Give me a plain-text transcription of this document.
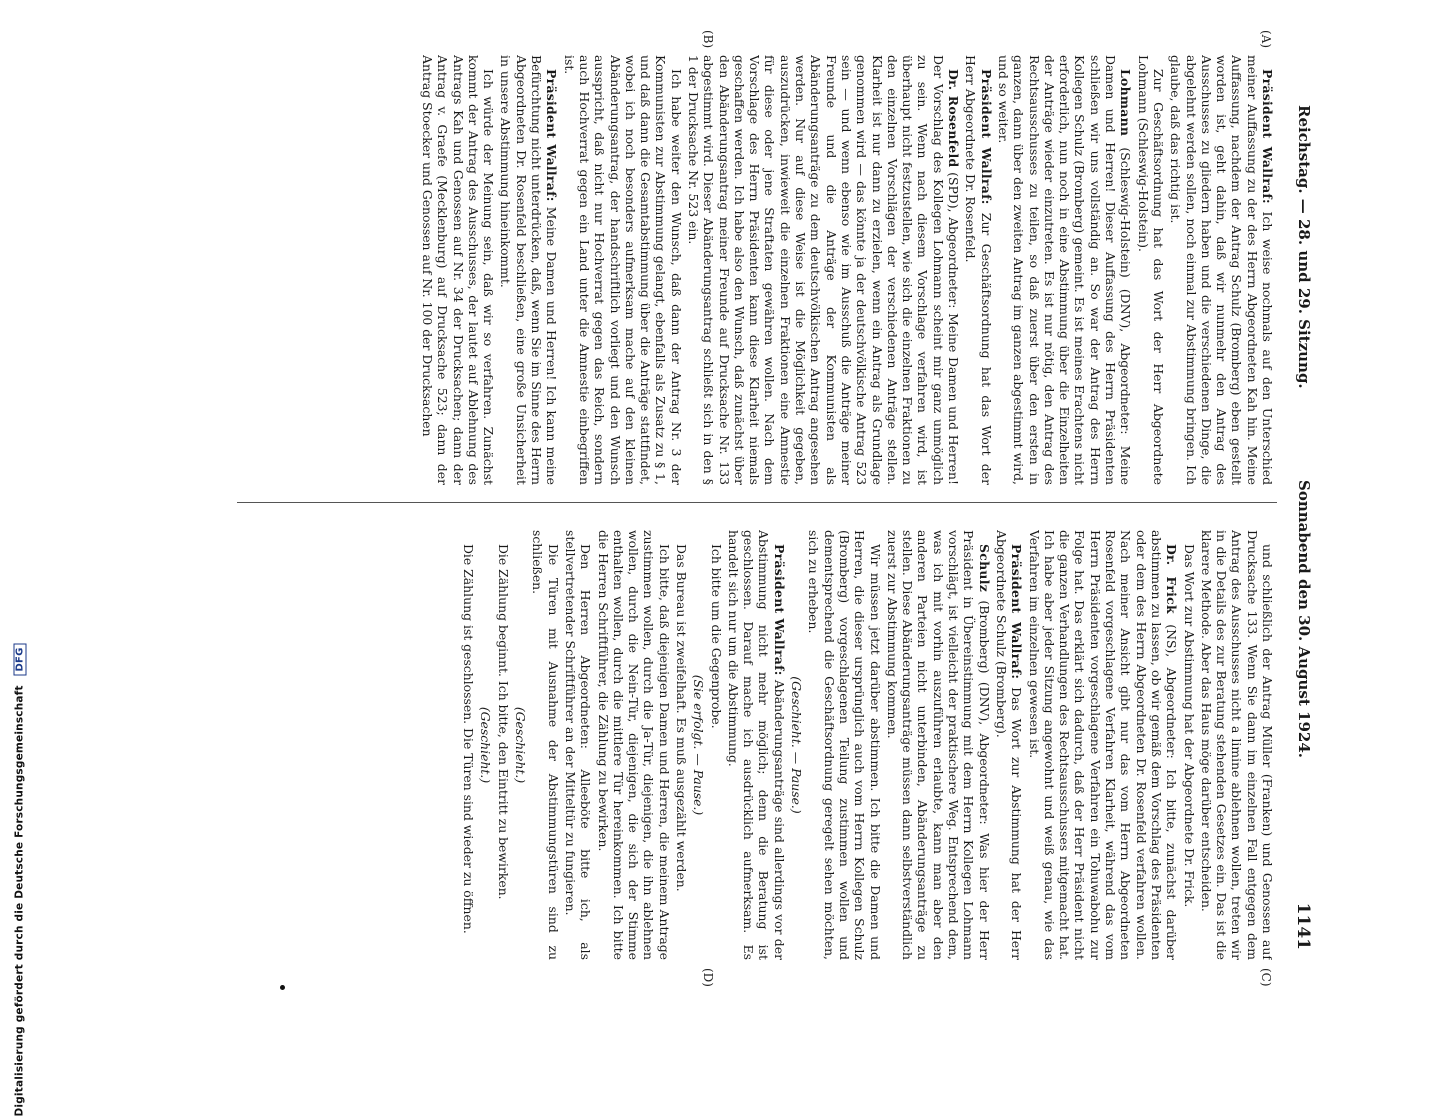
Digitalisierung gefördert durch die Deutsche Forschungsgemeinschaft DFG
Reichstag. — 28. und 29. Sitzung.
Sonnabend den 30. August 1924.
1141
(A)
(B)
(C)
(D)

Präsident Wallraf: Ich weise nochmals auf den Unterschied meiner Auffassung zu der des Herrn Abgeordneten Kah hin. Meine Auffassung, nachdem der Antrag Schulz (Bromberg) eben gestellt worden ist, geht dahin, daß wir nunmehr den Antrag des Ausschusses zu gliedern haben und die verschiedenen Dinge, die abgelehnt werden sollen, noch einmal zur Abstimmung bringen. Ich glaube, daß das richtig ist.

Zur Geschäftsordnung hat das Wort der Herr Abgeordnete Lohmann (Schleswig-Holstein).

Lohmann (Schleswig-Holstein) (DNV), Abgeordneter: Meine Damen und Herren! Dieser Auffassung des Herrn Präsidenten schließen wir uns vollständig an. So war der Antrag des Herrn Kollegen Schulz (Bromberg) gemeint. Es ist meines Erachtens nicht erforderlich, nun noch in eine Abstimmung über die Einzelheiten der Anträge wieder einzutreten. Es ist nur nötig, den Antrag des Rechtsausschusses zu teilen, so daß zuerst über den ersten in ganzen, dann über den zweiten Antrag im ganzen abgestimmt wird, und so weiter.

Präsident Wallraf: Zur Geschäftsordnung hat das Wort der Herr Abgeordnete Dr. Rosenfeld.

Dr. Rosenfeld (SPD), Abgeordneter: Meine Damen und Herren! Der Vorschlag des Kollegen Lohmann scheint mir ganz unmöglich zu sein. Wenn nach diesem Vorschlage verfahren wird, ist überhaupt nicht festzustellen, wie sich die einzelnen Fraktionen zu den einzelnen Vorschlägen der verschiedenen Anträge stellen. Klarheit ist nur dann zu erzielen, wenn ein Antrag als Grundlage genommen wird — das könnte ja der deutschvölkische Antrag 523 sein — und wenn ebenso wie im Ausschuß die Anträge meiner Freunde und die Anträge der Kommunisten als Abänderungsanträge zu dem deutschvölkischen Antrag angesehen werden. Nur auf diese Weise ist die Möglichkeit gegeben, auszudrücken, inwieweit die einzelnen Fraktionen eine Amnestie für diese oder jene Straftaten gewähren wollen. Nach dem Vorschlage des Herrn Präsidenten kann diese Klarheit niemals geschaffen werden. Ich habe also den Wunsch, daß zunächst über den Abänderungsantrag meiner Freunde auf Drucksache Nr. 133 abgestimmt wird. Dieser Abänderungsantrag schließt sich in den § 1 der Drucksache Nr. 523 ein.

Ich habe weiter den Wunsch, daß dann der Antrag Nr. 3 der Kommunisten zur Abstimmung gelangt, ebenfalls als Zusatz zu § 1, und daß dann die Gesamtabstimmung über die Anträge stattfindet, wobei ich noch besonders aufmerksam mache auf den kleinen Abänderungsantrag, der handschriftlich vorliegt und den Wunsch ausspricht, daß nicht nur Hochverrat gegen das Reich, sondern auch Hochverrat gegen ein Land unter die Amnestie einbegriffen ist.

Präsident Wallraf: Meine Damen und Herren! Ich kann meine Befürchtung nicht unterdrücken, daß, wenn Sie im Sinne des Herrn Abgeordneten Dr. Rosenfeld beschließen, eine große Unsicherheit in unsere Abstimmung hineinkommt.

Ich würde der Meinung sein, daß wir so verfahren. Zunächst kommt der Antrag des Ausschusses, der lautet auf Ablehnung des Antrags Kah und Genossen auf Nr. 34 der Drucksachen; dann der Antrag v. Graefe (Mecklenburg) auf Drucksache 523; dann der Antrag Stoecker und Genossen auf Nr. 100 der Drucksachen

und schließlich der Antrag Müller (Franken) und Genossen auf Drucksache 133. Wenn Sie dann im einzelnen Fall entgegen dem Antrag des Ausschusses nicht a limine ablehnen wollen, treten wir in die Details des zur Beratung stehenden Gesetzes ein. Das ist die klarere Methode. Aber das Haus möge darüber entscheiden.

Das Wort zur Abstimmung hat der Abgeordnete Dr. Frick.

Dr. Frick (NS), Abgeordneter: Ich bitte, zunächst darüber abstimmen zu lassen, ob wir gemäß dem Vorschlag des Präsidenten oder dem des Herrn Abgeordneten Dr. Rosenfeld verfahren wollen. Nach meiner Ansicht gibt nur das vom Herrn Abgeordneten Rosenfeld vorgeschlagene Verfahren Klarheit, während das vom Herrn Präsidenten vorgeschlagene Verfahren ein Tohuwabohu zur Folge hat. Das erklärt sich dadurch, daß der Herr Präsident nicht die ganzen Verhandlungen des Rechtsausschusses mitgemacht hat. Ich habe aber jeder Sitzung angewohnt und weiß genau, wie das Verfahren im einzelnen gewesen ist.

Präsident Wallraf: Das Wort zur Abstimmung hat der Herr Abgeordnete Schulz (Bromberg).

Schulz (Bromberg) (DNV), Abgeordneter: Was hier der Herr Präsident in Übereinstimmung mit dem Herrn Kollegen Lohmann vorschlägt, ist vielleicht der praktischere Weg. Entsprechend dem, was ich mit vorhin auszuführen erlaubte, kann man aber den anderen Parteien nicht unterbinden, Abänderungsanträge zu stellen. Diese Abänderungsanträge müssen dann selbstverständlich zuerst zur Abstimmung kommen.

Wir müssen jetzt darüber abstimmen. Ich bitte die Damen und Herren, die dieser ursprünglich auch vom Herrn Kollegen Schulz (Bromberg) vorgeschlagenen Teilung zustimmen wollen und dementsprechend die Geschäftsordnung geregelt sehen möchten, sich zu erheben.

(Geschieht. — Pause.)

Präsident Wallraf: Abänderungsanträge sind allerdings vor der Abstimmung nicht mehr möglich; denn die Beratung ist geschlossen. Darauf mache ich ausdrücklich aufmerksam. Es handelt sich nur um die Abstimmung.

Ich bitte um die Gegenprobe.

(Sie erfolgt. — Pause.)

Das Bureau ist zweifelhaft. Es muß ausgezählt werden.

Ich bitte, daß diejenigen Damen und Herren, die meinem Antrage zustimmen wollen, durch die Ja-Tür, diejenigen, die ihn ablehnen wollen, durch die Nein-Tür, diejenigen, die sich der Stimme enthalten wollen, durch die mittlere Tür hereinkommen. Ich bitte die Herren Schriftführer, die Zählung zu bewirken.

Den Herren Abgeordneten: Alleeböte bitte ich, als stellvertretender Schriftführer an der Mitteltür zu fungieren.

Die Türen mit Ausnahme der Abstimmungstüren sind zu schließen.

(Geschieht.)

Die Zählung beginnt. Ich bitte, den Eintritt zu bewirken.

(Geschieht.)

Die Zählung ist geschlossen. Die Türen sind wieder zu öffnen.
